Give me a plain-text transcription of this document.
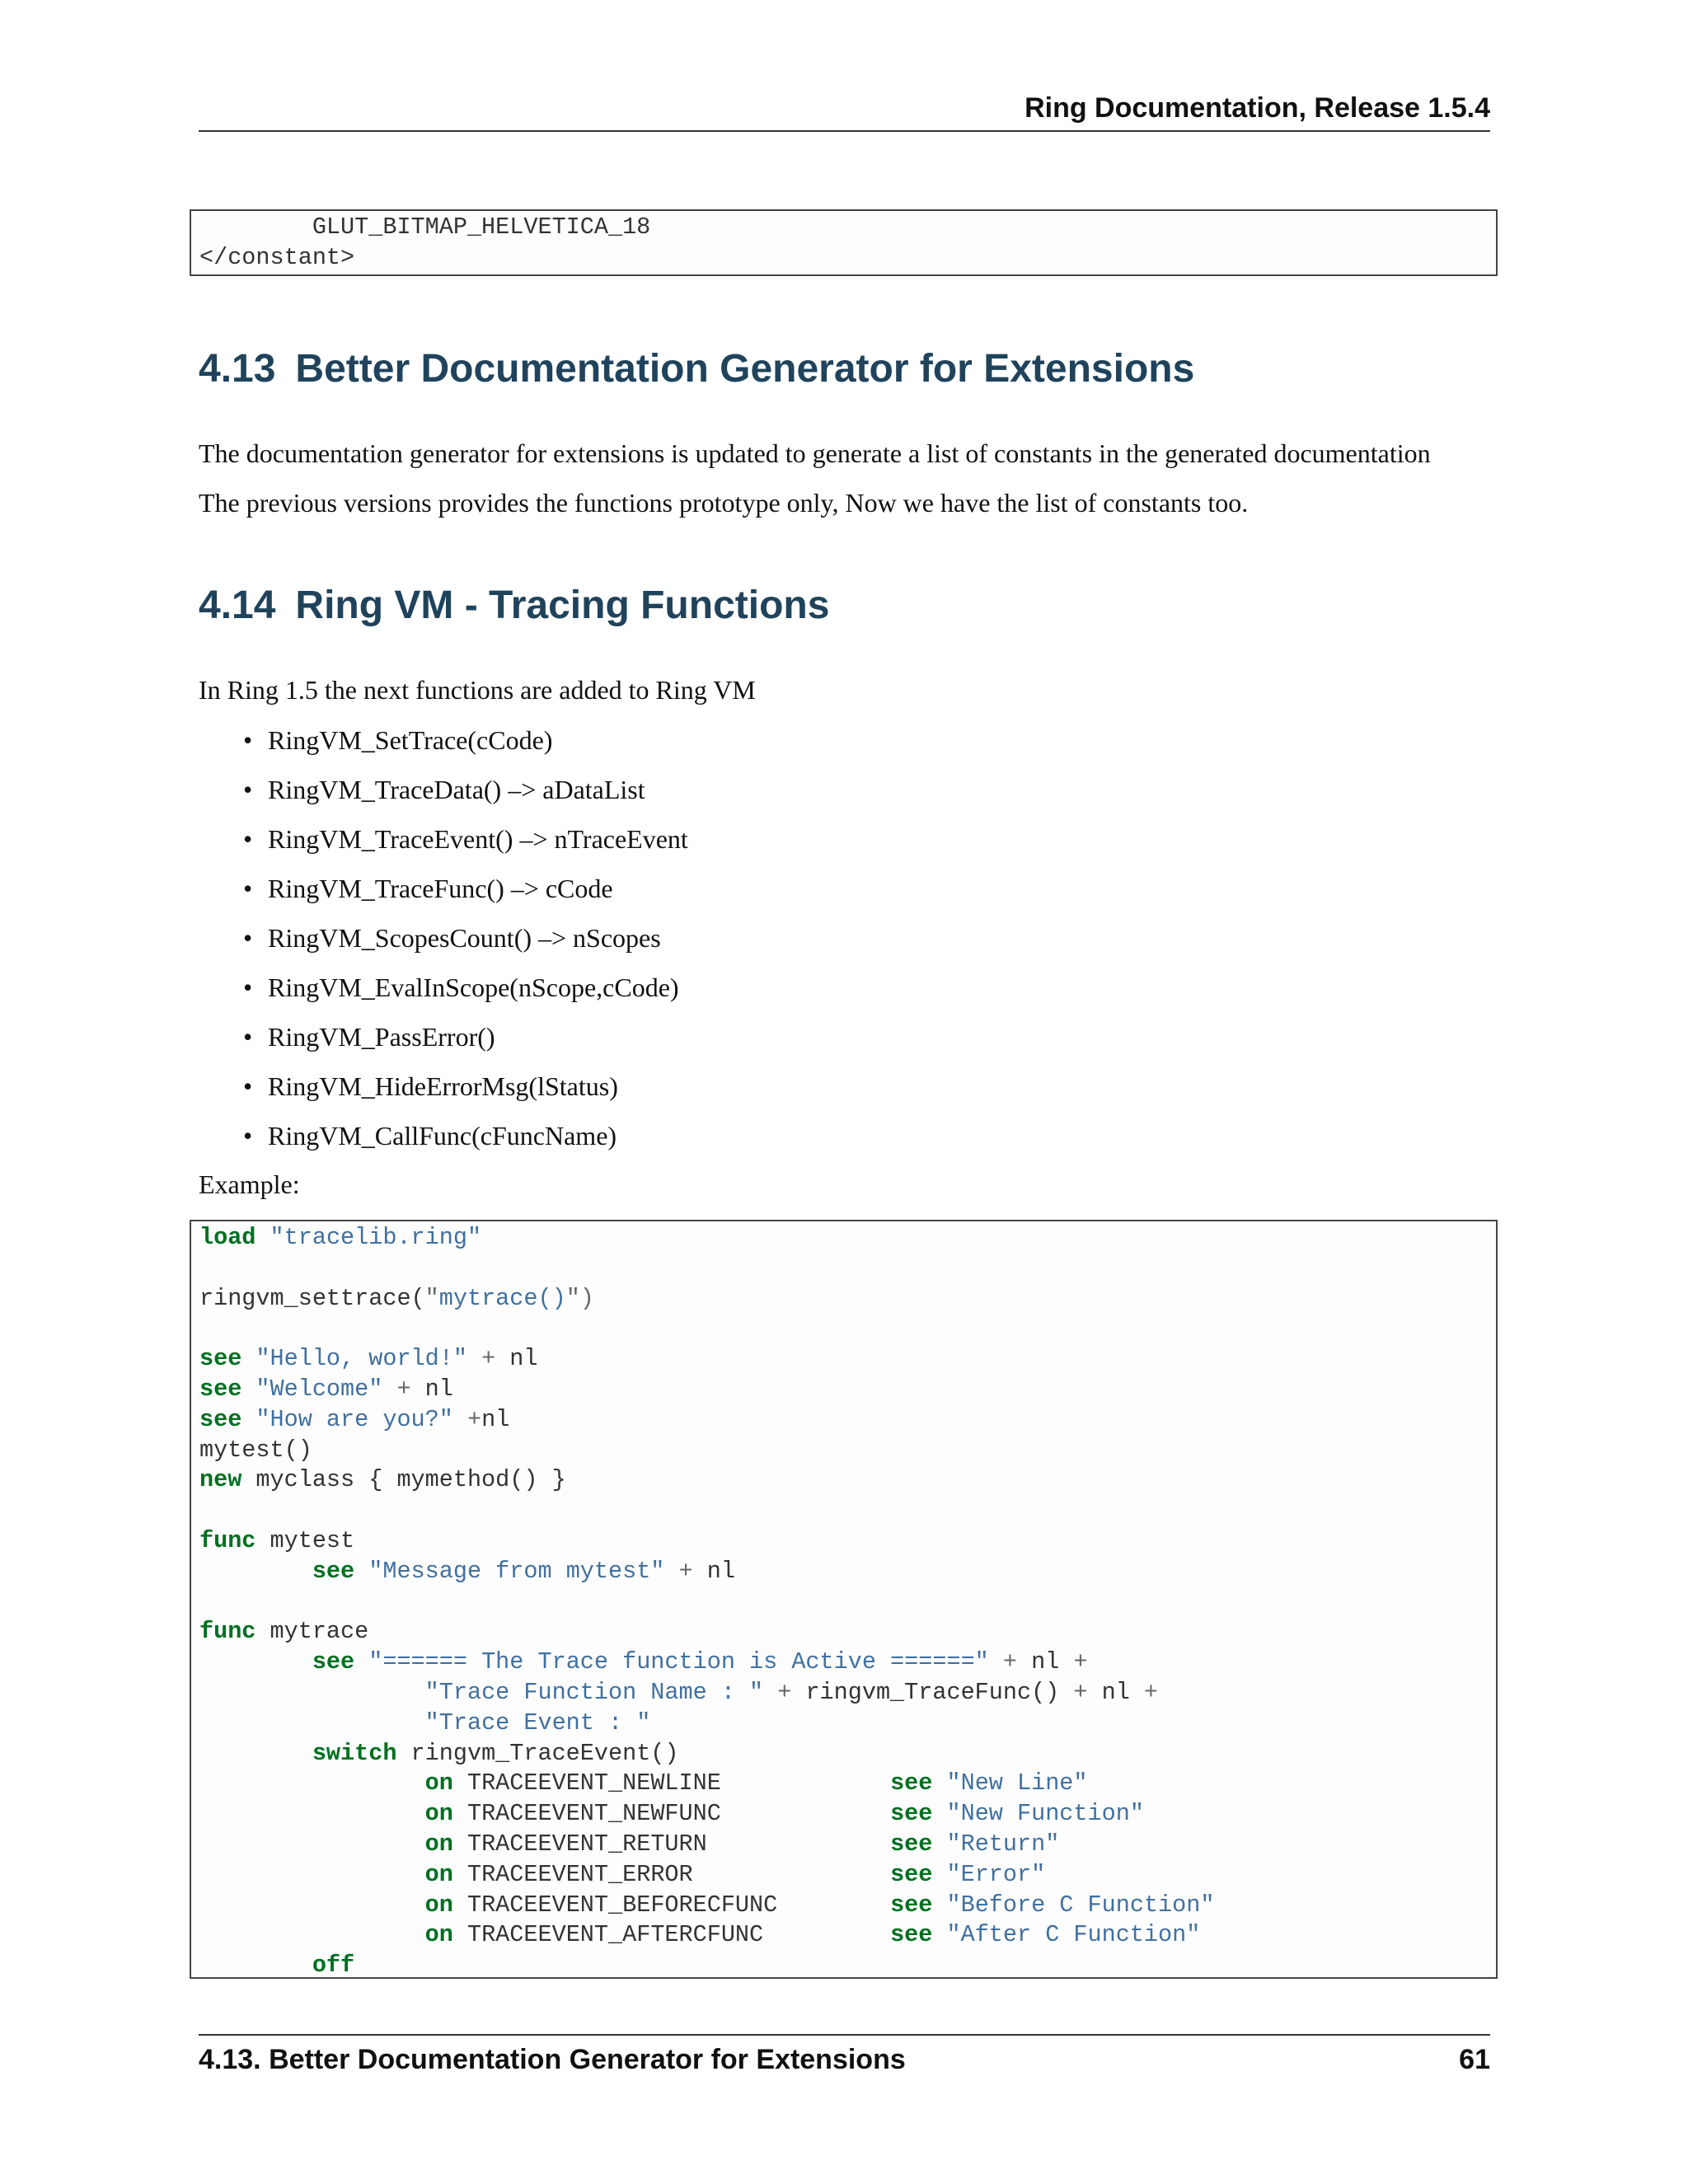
Ring Documentation, Release 1.5.4
GLUT_BITMAP_HELVETICA_18
</constant>
4.13 Better Documentation Generator for Extensions

The documentation generator for extensions is updated to generate a list of constants in the generated documentation

The previous versions provides the functions prototype only, Now we have the list of constants too.

4.14 Ring VM - Tracing Functions

In Ring 1.5 the next functions are added to Ring VM

• RingVM_SetTrace(cCode)
• RingVM_TraceData() –> aDataList
• RingVM_TraceEvent() –> nTraceEvent
• RingVM_TraceFunc() –> cCode
• RingVM_ScopesCount() –> nScopes
• RingVM_EvalInScope(nScope,cCode)
• RingVM_PassError()
• RingVM_HideErrorMsg(lStatus)
• RingVM_CallFunc(cFuncName)

Example:

load "tracelib.ring"
ringvm_settrace("mytrace()")
see "Hello, world!" + nl
see "Welcome" + nl
see "How are you?" +nl
mytest()
new myclass { mymethod() }
func mytest
see "Message from mytest" + nl
func mytrace
see "====== The Trace function is Active ======" + nl +
"Trace Function Name : " + ringvm_TraceFunc() + nl +
"Trace Event : "
switch ringvm_TraceEvent()
on TRACEEVENT_NEWLINE            see "New Line"
on TRACEEVENT_NEWFUNC            see "New Function"
on TRACEEVENT_RETURN             see "Return"
on TRACEEVENT_ERROR              see "Error"
on TRACEEVENT_BEFORECFUNC        see "Before C Function"
on TRACEEVENT_AFTERCFUNC         see "After C Function"
off
4.13. Better Documentation Generator for Extensions	61
